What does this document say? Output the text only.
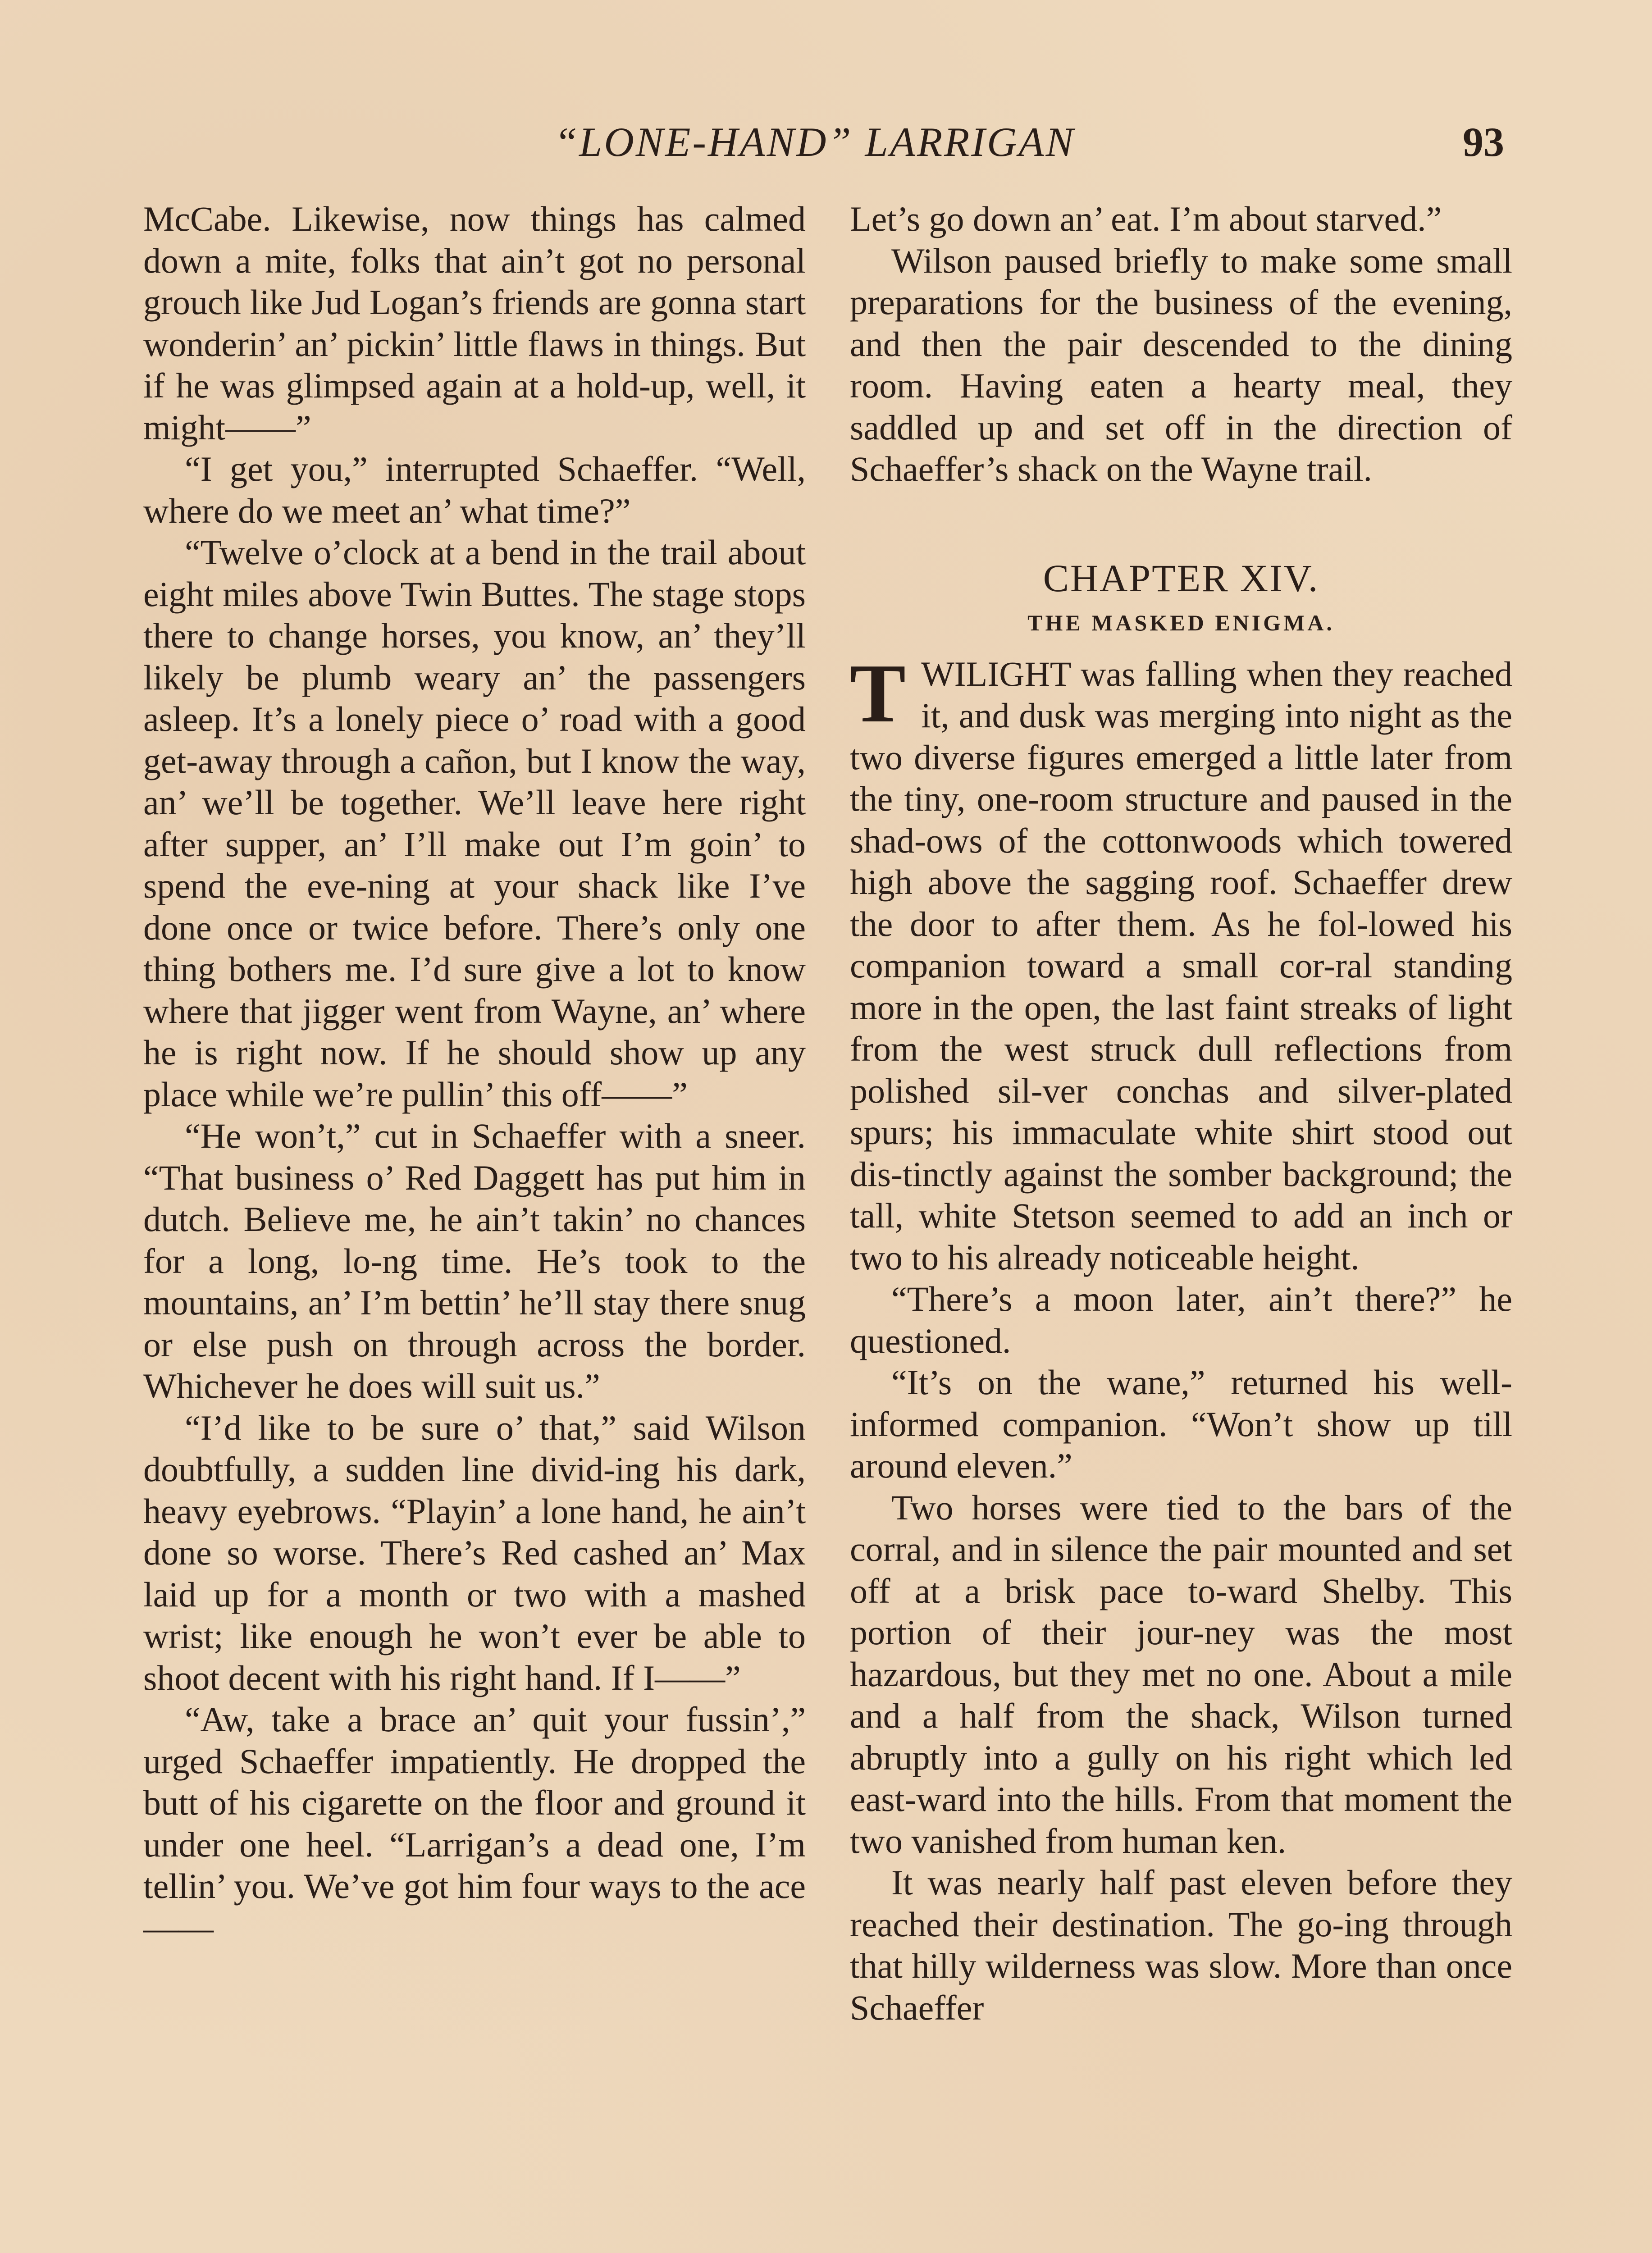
“LONE-HAND” LARRIGAN	93

McCabe. Likewise, now things has calmed down a mite, folks that ain’t got no personal grouch like Jud Logan’s friends are gonna start wonderin’ an’ pickin’ little flaws in things. But if he was glimpsed again at a hold-up, well, it might——”

“I get you,” interrupted Schaeffer. “Well, where do we meet an’ what time?”

“Twelve o’clock at a bend in the trail about eight miles above Twin Buttes. The stage stops there to change horses, you know, an’ they’ll likely be plumb weary an’ the passengers asleep. It’s a lonely piece o’ road with a good get-away through a cañon, but I know the way, an’ we’ll be together. We’ll leave here right after supper, an’ I’ll make out I’m goin’ to spend the eve-ning at your shack like I’ve done once or twice before. There’s only one thing bothers me. I’d sure give a lot to know where that jigger went from Wayne, an’ where he is right now. If he should show up any place while we’re pullin’ this off——”

“He won’t,” cut in Schaeffer with a sneer. “That business o’ Red Daggett has put him in dutch. Believe me, he ain’t takin’ no chances for a long, lo-ng time. He’s took to the mountains, an’ I’m bettin’ he’ll stay there snug or else push on through across the border. Whichever he does will suit us.”

“I’d like to be sure o’ that,” said Wilson doubtfully, a sudden line divid-ing his dark, heavy eyebrows. “Playin’ a lone hand, he ain’t done so worse. There’s Red cashed an’ Max laid up for a month or two with a mashed wrist; like enough he won’t ever be able to shoot decent with his right hand. If I——”

“Aw, take a brace an’ quit your fussin’,” urged Schaeffer impatiently. He dropped the butt of his cigarette on the floor and ground it under one heel. “Larrigan’s a dead one, I’m tellin’ you. We’ve got him four ways to the ace——

Let’s go down an’ eat. I’m about starved.”

Wilson paused briefly to make some small preparations for the business of the evening, and then the pair descended to the dining room. Having eaten a hearty meal, they saddled up and set off in the direction of Schaeffer’s shack on the Wayne trail.

CHAPTER XIV.
THE MASKED ENIGMA.

TWILIGHT was falling when they reached it, and dusk was merging into night as the two diverse figures emerged a little later from the tiny, one-room structure and paused in the shad-ows of the cottonwoods which towered high above the sagging roof. Schaeffer drew the door to after them. As he fol-lowed his companion toward a small cor-ral standing more in the open, the last faint streaks of light from the west struck dull reflections from polished sil-ver conchas and silver-plated spurs; his immaculate white shirt stood out dis-tinctly against the somber background; the tall, white Stetson seemed to add an inch or two to his already noticeable height.

“There’s a moon later, ain’t there?” he questioned.

“It’s on the wane,” returned his well-informed companion. “Won’t show up till around eleven.”

Two horses were tied to the bars of the corral, and in silence the pair mounted and set off at a brisk pace to-ward Shelby. This portion of their jour-ney was the most hazardous, but they met no one. About a mile and a half from the shack, Wilson turned abruptly into a gully on his right which led east-ward into the hills. From that moment the two vanished from human ken.

It was nearly half past eleven before they reached their destination. The go-ing through that hilly wilderness was slow. More than once Schaeffer
